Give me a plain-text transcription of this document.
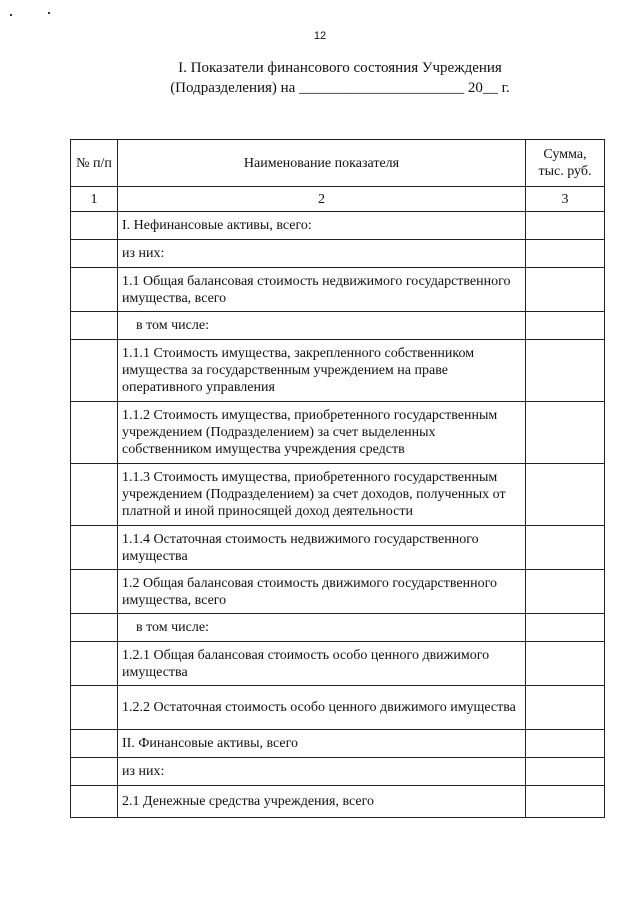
12
I. Показатели финансового состояния Учреждения
(Подразделения) на ______________________ 20__ г.
№ п/п	Наименование показателя	Сумма, тыс. руб.
1	2	3
	I. Нефинансовые активы, всего:	
	из них:	
	1.1 Общая балансовая стоимость недвижимого государственного имущества, всего	
	в том числе:	
	1.1.1 Стоимость имущества, закрепленного собственником имущества за государственным учреждением на праве оперативного управления	
	1.1.2 Стоимость имущества, приобретенного государственным учреждением (Подразделением) за счет выделенных собственником имущества учреждения средств	
	1.1.3 Стоимость имущества, приобретенного государственным учреждением (Подразделением) за счет доходов, полученных от платной и иной приносящей доход деятельности	
	1.1.4 Остаточная стоимость недвижимого государственного имущества	
	1.2 Общая балансовая стоимость движимого государственного имущества, всего	
	в том числе:	
	1.2.1 Общая балансовая стоимость особо ценного движимого имущества	
	1.2.2 Остаточная стоимость особо ценного движимого имущества	
	II. Финансовые активы, всего	
	из них:	
	2.1 Денежные средства учреждения, всего	
